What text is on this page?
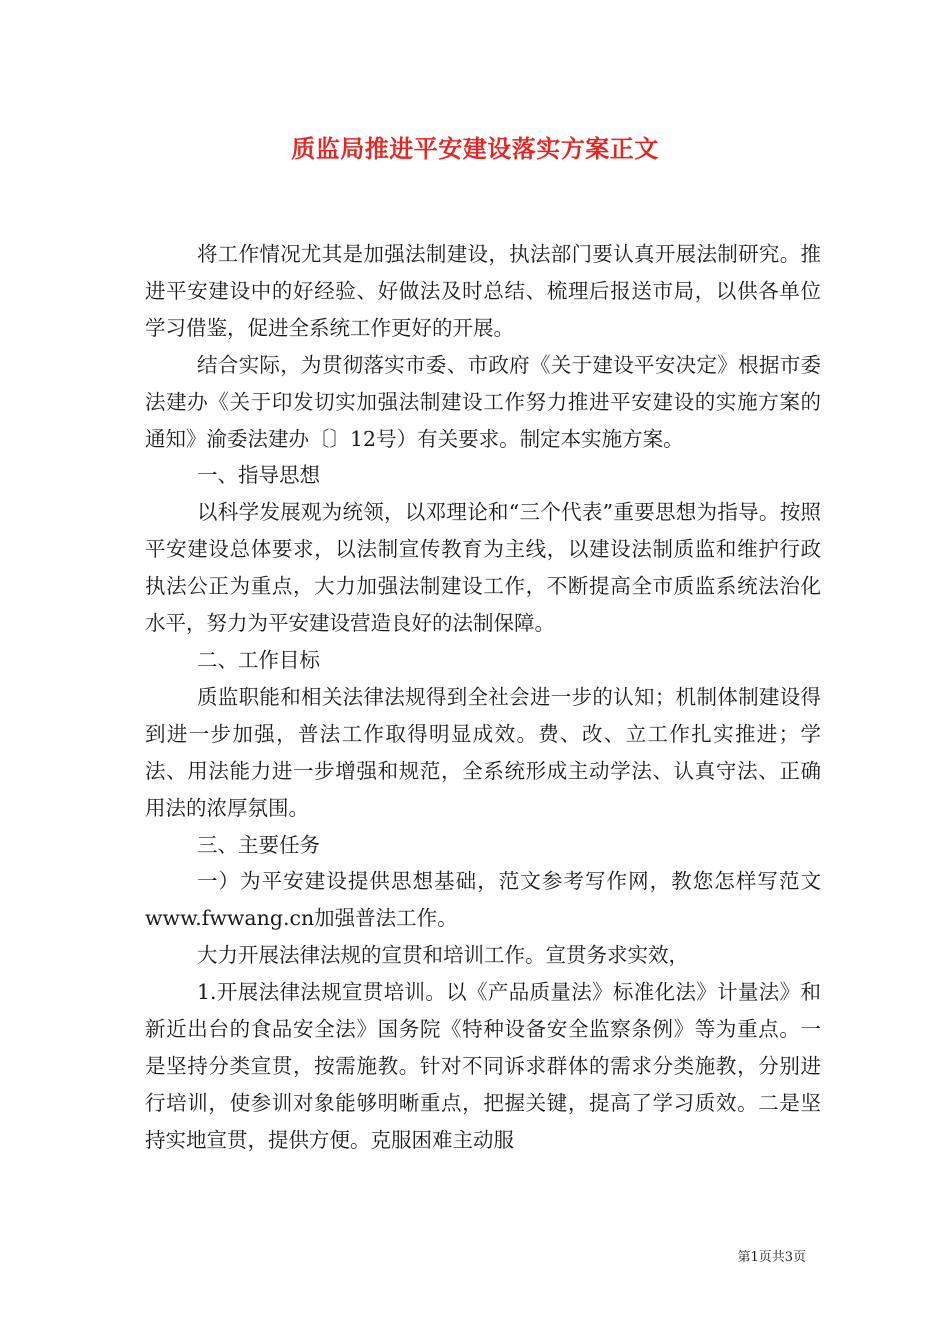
质监局推进平安建设落实方案正文

将工作情况尤其是加强法制建设，执法部门要认真开展法制研究。推进平安建设中的好经验、好做法及时总结、梳理后报送市局，以供各单位学习借鉴，促进全系统工作更好的开展。

结合实际，为贯彻落实市委、市政府《关于建设平安决定》根据市委法建办《关于印发切实加强法制建设工作努力推进平安建设的实施方案的通知》渝委法建办〔〕12号）有关要求。制定本实施方案。

一、指导思想

以科学发展观为统领，以邓理论和“三个代表”重要思想为指导。按照平安建设总体要求，以法制宣传教育为主线，以建设法制质监和维护行政执法公正为重点，大力加强法制建设工作，不断提高全市质监系统法治化水平，努力为平安建设营造良好的法制保障。

二、工作目标

质监职能和相关法律法规得到全社会进一步的认知；机制体制建设得到进一步加强，普法工作取得明显成效。费、改、立工作扎实推进；学法、用法能力进一步增强和规范，全系统形成主动学法、认真守法、正确用法的浓厚氛围。

三、主要任务

一）为平安建设提供思想基础，范文参考写作网，教您怎样写范文www.fwwang.cn加强普法工作。

大力开展法律法规的宣贯和培训工作。宣贯务求实效，

1.开展法律法规宣贯培训。以《产品质量法》标准化法》计量法》和新近出台的食品安全法》国务院《特种设备安全监察条例》等为重点。一是坚持分类宣贯，按需施教。针对不同诉求群体的需求分类施教，分别进行培训，使参训对象能够明晰重点，把握关键，提高了学习质效。二是坚持实地宣贯，提供方便。克服困难主动服

第1页共3页
